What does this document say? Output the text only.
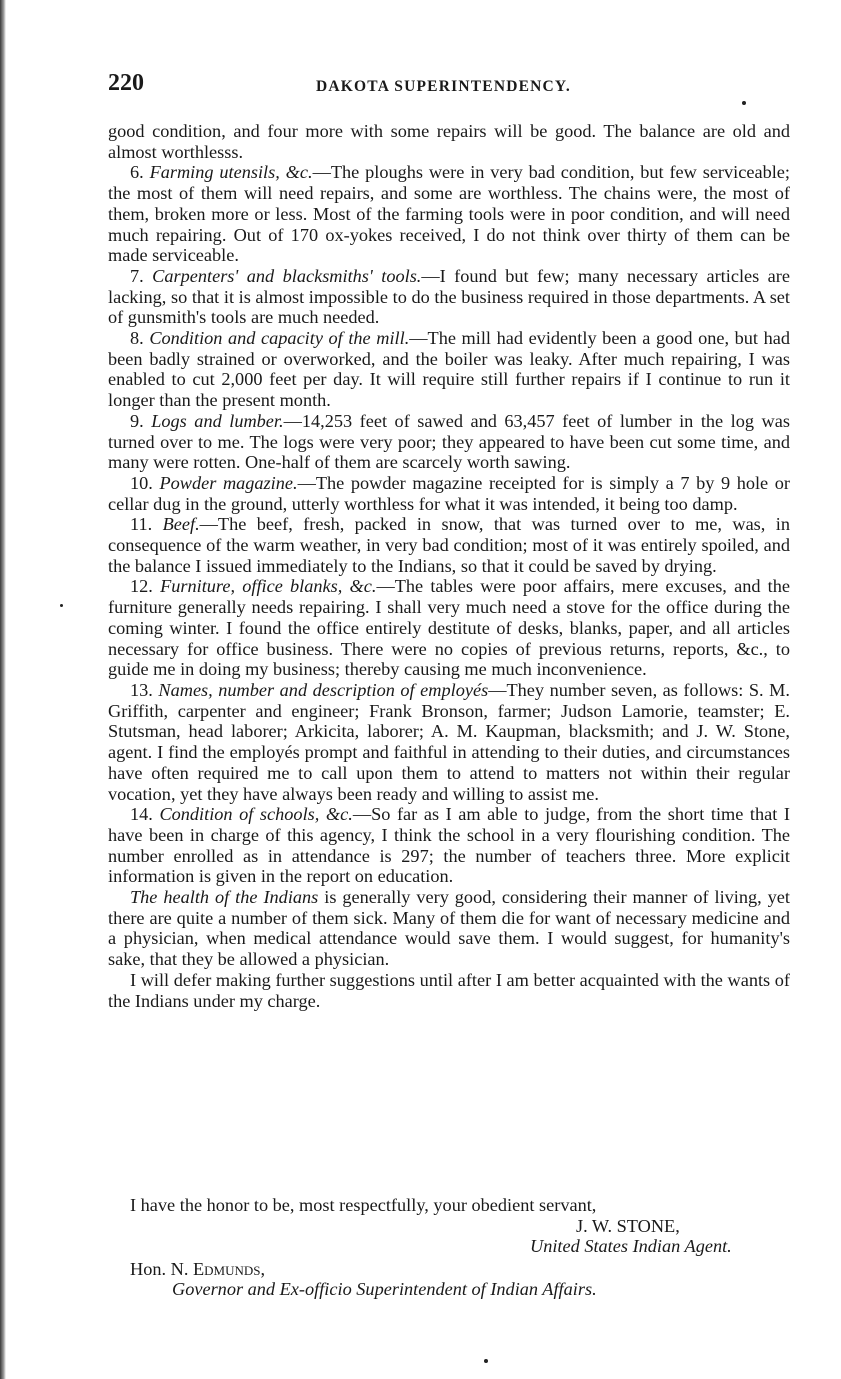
220	DAKOTA SUPERINTENDENCY.

good condition, and four more with some repairs will be good. The balance are old and almost worthlesss.

6. Farming utensils, &c.—The ploughs were in very bad condition, but few serviceable; the most of them will need repairs, and some are worthless. The chains were, the most of them, broken more or less. Most of the farming tools were in poor condition, and will need much repairing. Out of 170 ox-yokes received, I do not think over thirty of them can be made serviceable.

7. Carpenters' and blacksmiths' tools.—I found but few; many necessary articles are lacking, so that it is almost impossible to do the business required in those departments. A set of gunsmith's tools are much needed.

8. Condition and capacity of the mill.—The mill had evidently been a good one, but had been badly strained or overworked, and the boiler was leaky. After much repairing, I was enabled to cut 2,000 feet per day. It will require still further repairs if I continue to run it longer than the present month.

9. Logs and lumber.—14,253 feet of sawed and 63,457 feet of lumber in the log was turned over to me. The logs were very poor; they appeared to have been cut some time, and many were rotten. One-half of them are scarcely worth sawing.

10. Powder magazine.—The powder magazine receipted for is simply a 7 by 9 hole or cellar dug in the ground, utterly worthless for what it was intended, it being too damp.

11. Beef.—The beef, fresh, packed in snow, that was turned over to me, was, in consequence of the warm weather, in very bad condition; most of it was entirely spoiled, and the balance I issued immediately to the Indians, so that it could be saved by drying.

12. Furniture, office blanks, &c.—The tables were poor affairs, mere excuses, and the furniture generally needs repairing. I shall very much need a stove for the office during the coming winter. I found the office entirely destitute of desks, blanks, paper, and all articles necessary for office business. There were no copies of previous returns, reports, &c., to guide me in doing my business; thereby causing me much inconvenience.

13. Names, number and description of employés—They number seven, as follows: S. M. Griffith, carpenter and engineer; Frank Bronson, farmer; Judson Lamorie, teamster; E. Stutsman, head laborer; Arkicita, laborer; A. M. Kaupman, blacksmith; and J. W. Stone, agent. I find the employés prompt and faithful in attending to their duties, and circumstances have often required me to call upon them to attend to matters not within their regular vocation, yet they have always been ready and willing to assist me.

14. Condition of schools, &c.—So far as I am able to judge, from the short time that I have been in charge of this agency, I think the school in a very flourishing condition. The number enrolled as in attendance is 297; the number of teachers three. More explicit information is given in the report on education.

The health of the Indians is generally very good, considering their manner of living, yet there are quite a number of them sick. Many of them die for want of necessary medicine and a physician, when medical attendance would save them. I would suggest, for humanity's sake, that they be allowed a physician.

I will defer making further suggestions until after I am better acquainted with the wants of the Indians under my charge.

I have the honor to be, most respectfully, your obedient servant,

J. W. STONE,

United States Indian Agent.

Hon. N. Edmunds,
Governor and Ex-officio Superintendent of Indian Affairs.
